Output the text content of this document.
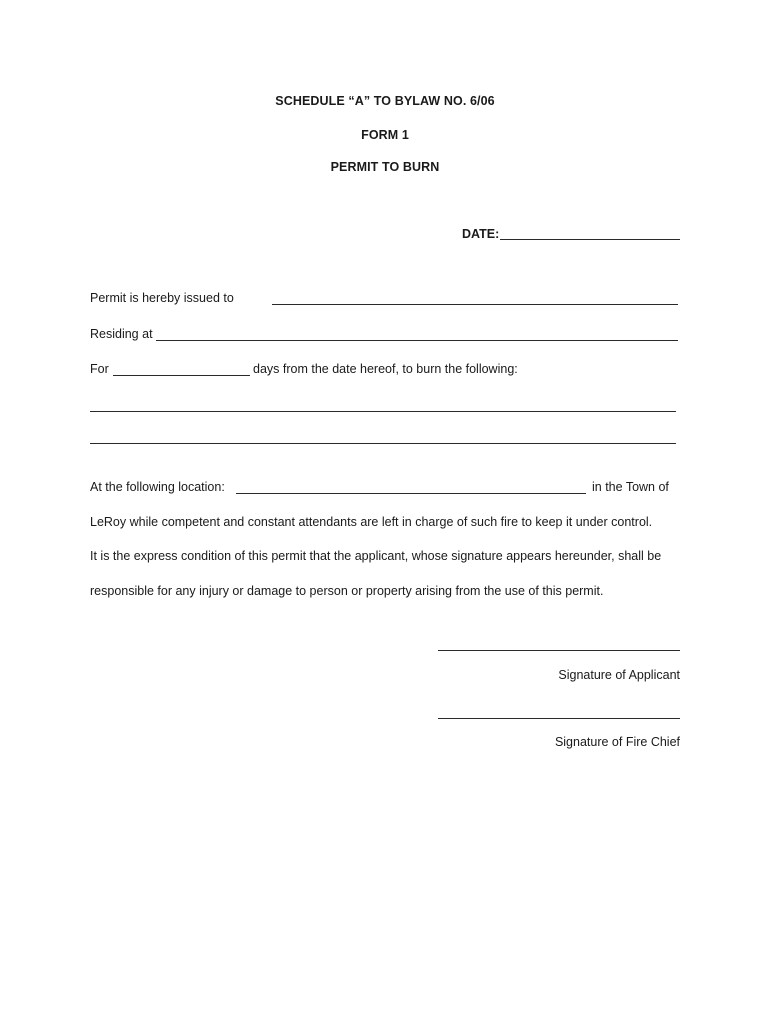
SCHEDULE “A” TO BYLAW NO. 6/06
FORM 1
PERMIT TO BURN
DATE:
Permit is hereby issued to
Residing at
For	days from the date hereof, to burn the following:
At the following location:	in the Town of
LeRoy while competent and constant attendants are left in charge of such fire to keep it under control.
It is the express condition of this permit that the applicant, whose signature appears hereunder, shall be
responsible for any injury or damage to person or property arising from the use of this permit.
Signature of Applicant
Signature of Fire Chief
